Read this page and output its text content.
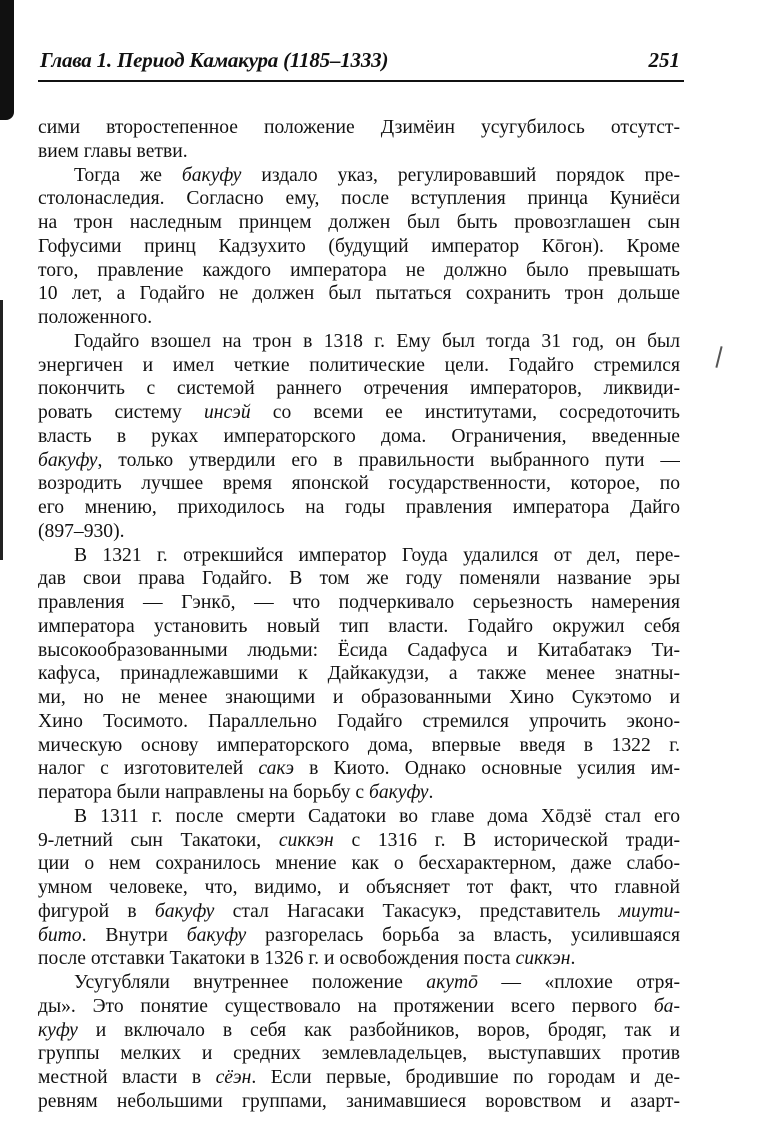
Глава 1. Период Камакура (1185–1333)	251
сими второстепенное положение Дзимёин усугубилось отсутст-
вием главы ветви.
Тогда же бакуфу издало указ, регулировавший порядок пре-
столонаследия. Согласно ему, после вступления принца Куниёси
на трон наследным принцем должен был быть провозглашен сын
Гофусими принц Кадзухито (будущий император Кōгон). Кроме
того, правление каждого императора не должно было превышать
10 лет, а Годайго не должен был пытаться сохранить трон дольше
положенного.
Годайго взошел на трон в 1318 г. Ему был тогда 31 год, он был
энергичен и имел четкие политические цели. Годайго стремился
покончить с системой раннего отречения императоров, ликвиди-
ровать систему инсэй со всеми ее институтами, сосредоточить
власть в руках императорского дома. Ограничения, введенные
бакуфу, только утвердили его в правильности выбранного пути —
возродить лучшее время японской государственности, которое, по
его мнению, приходилось на годы правления императора Дайго
(897–930).
В 1321 г. отрекшийся император Гоуда удалился от дел, пере-
дав свои права Годайго. В том же году поменяли название эры
правления — Гэнкō, — что подчеркивало серьезность намерения
императора установить новый тип власти. Годайго окружил себя
высокообразованными людьми: Ёсида Садафуса и Китабатакэ Ти-
кафуса, принадлежавшими к Дайкакудзи, а также менее знатны-
ми, но не менее знающими и образованными Хино Сукэтомо и
Хино Тосимото. Параллельно Годайго стремился упрочить эконо-
мическую основу императорского дома, впервые введя в 1322 г.
налог с изготовителей сакэ в Киото. Однако основные усилия им-
ператора были направлены на борьбу с бакуфу.
В 1311 г. после смерти Садатоки во главе дома Хōдзё стал его
9-летний сын Такатоки, сиккэн с 1316 г. В исторической тради-
ции о нем сохранилось мнение как о бесхарактерном, даже слабо-
умном человеке, что, видимо, и объясняет тот факт, что главной
фигурой в бакуфу стал Нагасаки Такасукэ, представитель миути-
бито. Внутри бакуфу разгорелась борьба за власть, усилившаяся
после отставки Такатоки в 1326 г. и освобождения поста сиккэн.
Усугубляли внутреннее положение акутō — «плохие отря-
ды». Это понятие существовало на протяжении всего первого ба-
куфу и включало в себя как разбойников, воров, бродяг, так и
группы мелких и средних землевладельцев, выступавших против
местной власти в сёэн. Если первые, бродившие по городам и де-
ревням небольшими группами, занимавшиеся воровством и азарт-
